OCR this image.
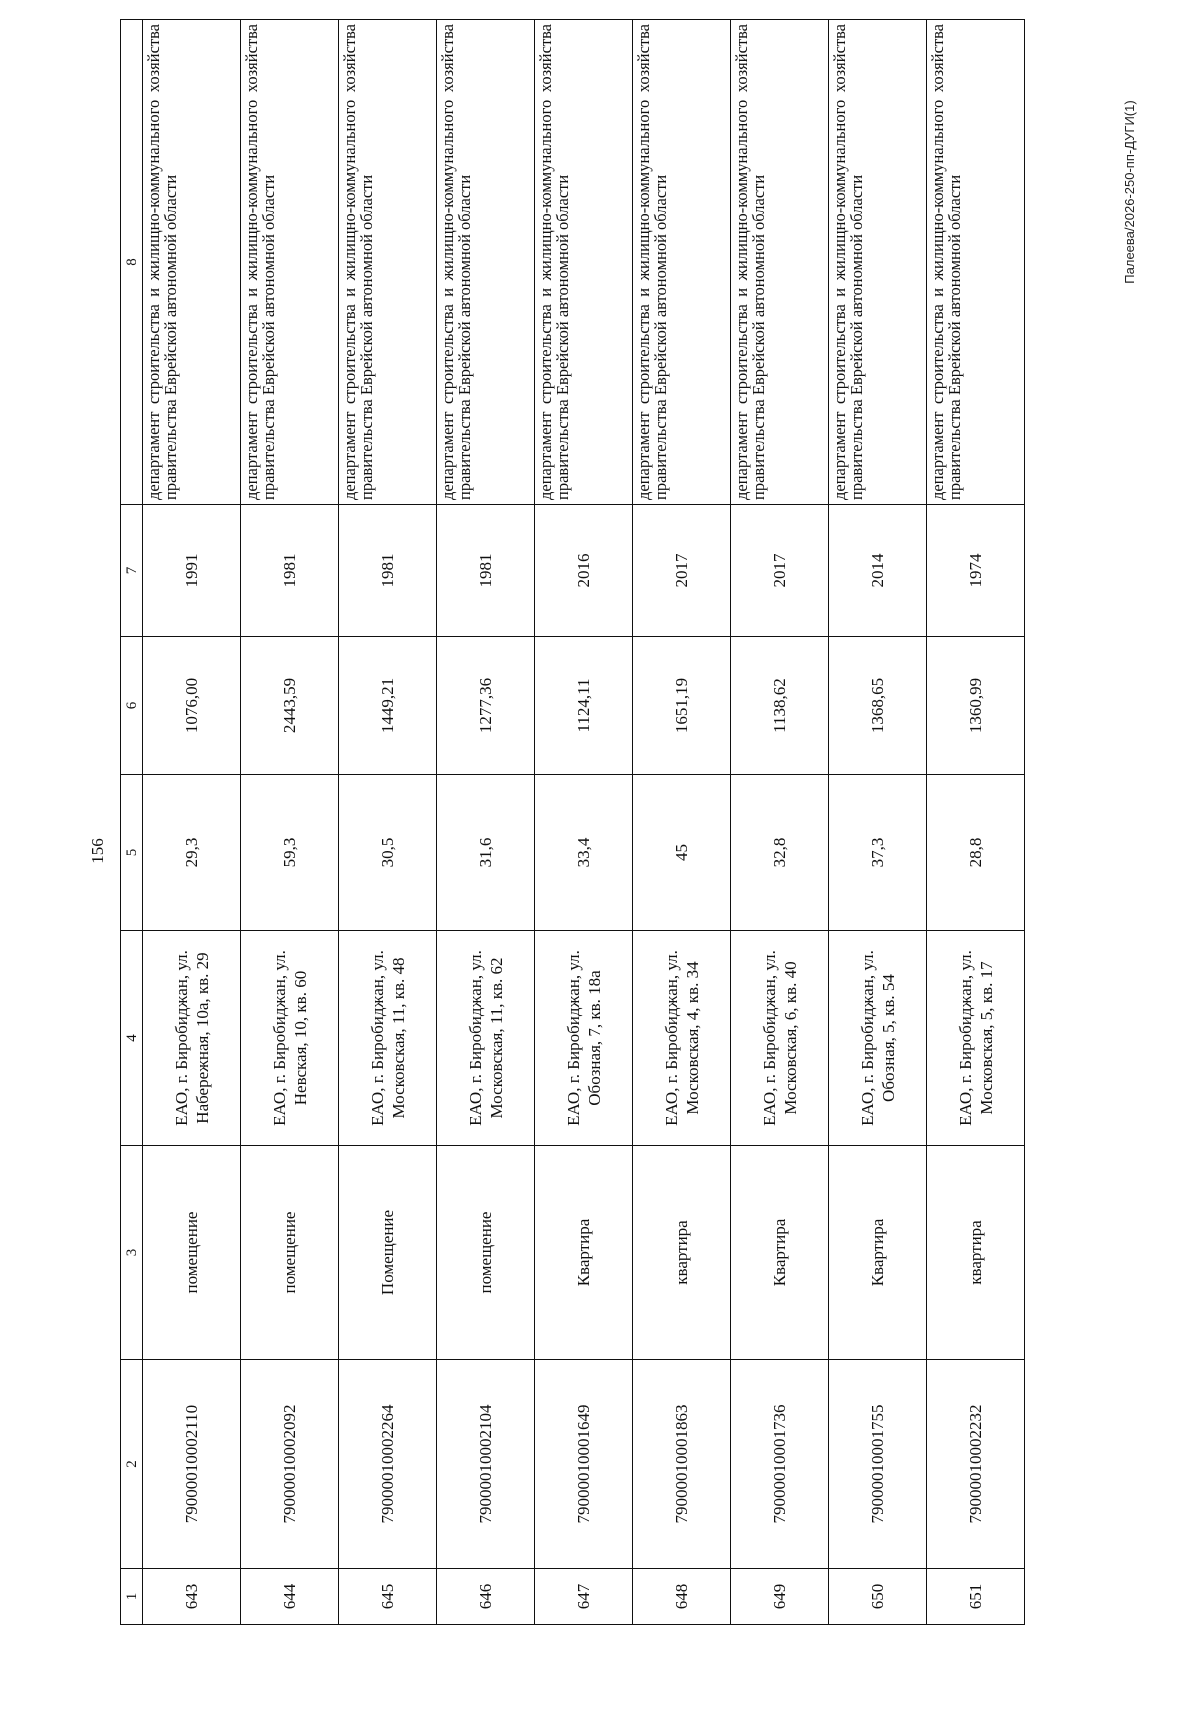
156
Палеева/2026-250-пп-ДУГИ(1)
1	2	3	4	5	6	7	8
643	79000010002110	помещение	ЕАО, г. Биробиджан, ул. Набережная, 10а, кв. 29	29,3	1076,00	1991	департамент строительства и жилищно-коммунального хозяйства правительства Еврейской автономной области
644	79000010002092	помещение	ЕАО, г. Биробиджан, ул. Невская, 10, кв. 60	59,3	2443,59	1981	департамент строительства и жилищно-коммунального хозяйства правительства Еврейской автономной области
645	79000010002264	Помещение	ЕАО, г. Биробиджан, ул. Московская, 11, кв. 48	30,5	1449,21	1981	департамент строительства и жилищно-коммунального хозяйства правительства Еврейской автономной области
646	79000010002104	помещение	ЕАО, г. Биробиджан, ул. Московская, 11, кв. 62	31,6	1277,36	1981	департамент строительства и жилищно-коммунального хозяйства правительства Еврейской автономной области
647	79000010001649	Квартира	ЕАО, г. Биробиджан, ул. Обозная, 7, кв. 18а	33,4	1124,11	2016	департамент строительства и жилищно-коммунального хозяйства правительства Еврейской автономной области
648	79000010001863	квартира	ЕАО, г. Биробиджан, ул. Московская, 4, кв. 34	45	1651,19	2017	департамент строительства и жилищно-коммунального хозяйства правительства Еврейской автономной области
649	79000010001736	Квартира	ЕАО, г. Биробиджан, ул. Московская, 6, кв. 40	32,8	1138,62	2017	департамент строительства и жилищно-коммунального хозяйства правительства Еврейской автономной области
650	79000010001755	Квартира	ЕАО, г. Биробиджан, ул. Обозная, 5, кв. 54	37,3	1368,65	2014	департамент строительства и жилищно-коммунального хозяйства правительства Еврейской автономной области
651	79000010002232	квартира	ЕАО, г. Биробиджан, ул. Московская, 5, кв. 17	28,8	1360,99	1974	департамент строительства и жилищно-коммунального хозяйства правительства Еврейской автономной области
